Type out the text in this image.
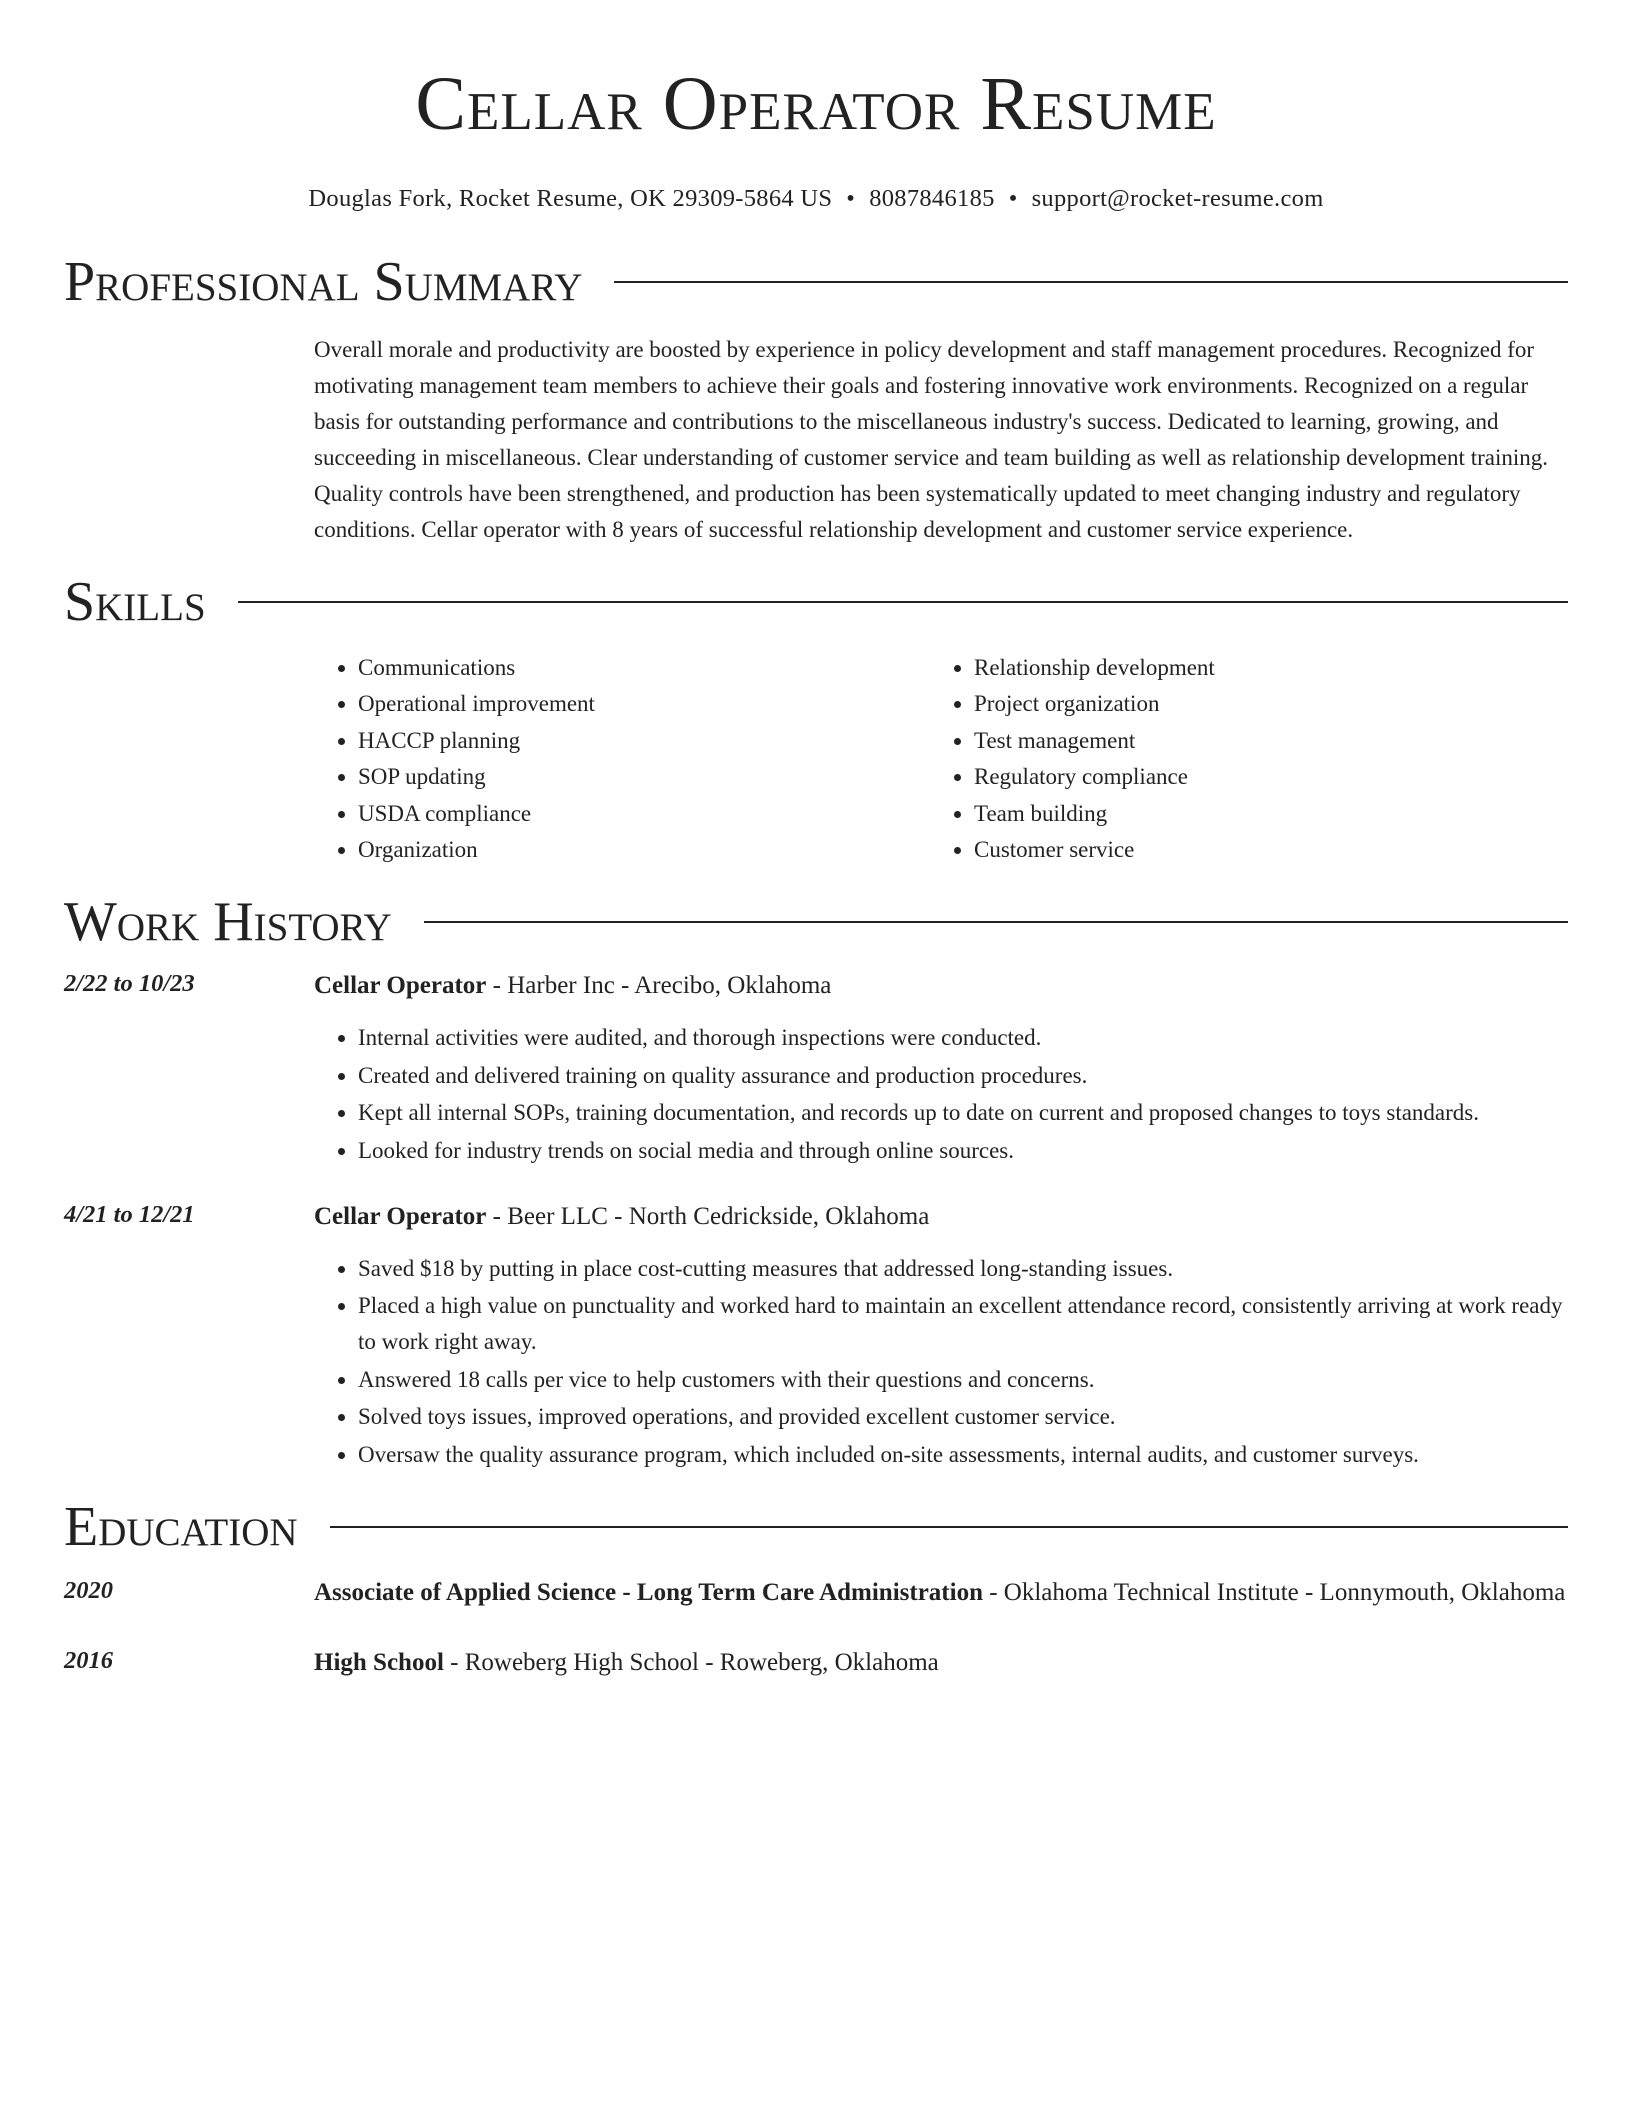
Cellar Operator Resume
Douglas Fork, Rocket Resume, OK 29309-5864 US • 8087846185 • support@rocket-resume.com
Professional Summary
Overall morale and productivity are boosted by experience in policy development and staff management procedures. Recognized for motivating management team members to achieve their goals and fostering innovative work environments. Recognized on a regular basis for outstanding performance and contributions to the miscellaneous industry's success. Dedicated to learning, growing, and succeeding in miscellaneous. Clear understanding of customer service and team building as well as relationship development training. Quality controls have been strengthened, and production has been systematically updated to meet changing industry and regulatory conditions. Cellar operator with 8 years of successful relationship development and customer service experience.
Skills
• Communications
• Operational improvement
• HACCP planning
• SOP updating
• USDA compliance
• Organization
• Relationship development
• Project organization
• Test management
• Regulatory compliance
• Team building
• Customer service
Work History
2/22 to 10/23	Cellar Operator - Harber Inc - Arecibo, Oklahoma
• Internal activities were audited, and thorough inspections were conducted.
• Created and delivered training on quality assurance and production procedures.
• Kept all internal SOPs, training documentation, and records up to date on current and proposed changes to toys standards.
• Looked for industry trends on social media and through online sources.
4/21 to 12/21	Cellar Operator - Beer LLC - North Cedrickside, Oklahoma
• Saved $18 by putting in place cost-cutting measures that addressed long-standing issues.
• Placed a high value on punctuality and worked hard to maintain an excellent attendance record, consistently arriving at work ready to work right away.
• Answered 18 calls per vice to help customers with their questions and concerns.
• Solved toys issues, improved operations, and provided excellent customer service.
• Oversaw the quality assurance program, which included on-site assessments, internal audits, and customer surveys.
Education
2020	Associate of Applied Science - Long Term Care Administration - Oklahoma Technical Institute - Lonnymouth, Oklahoma
2016	High School - Roweberg High School - Roweberg, Oklahoma
